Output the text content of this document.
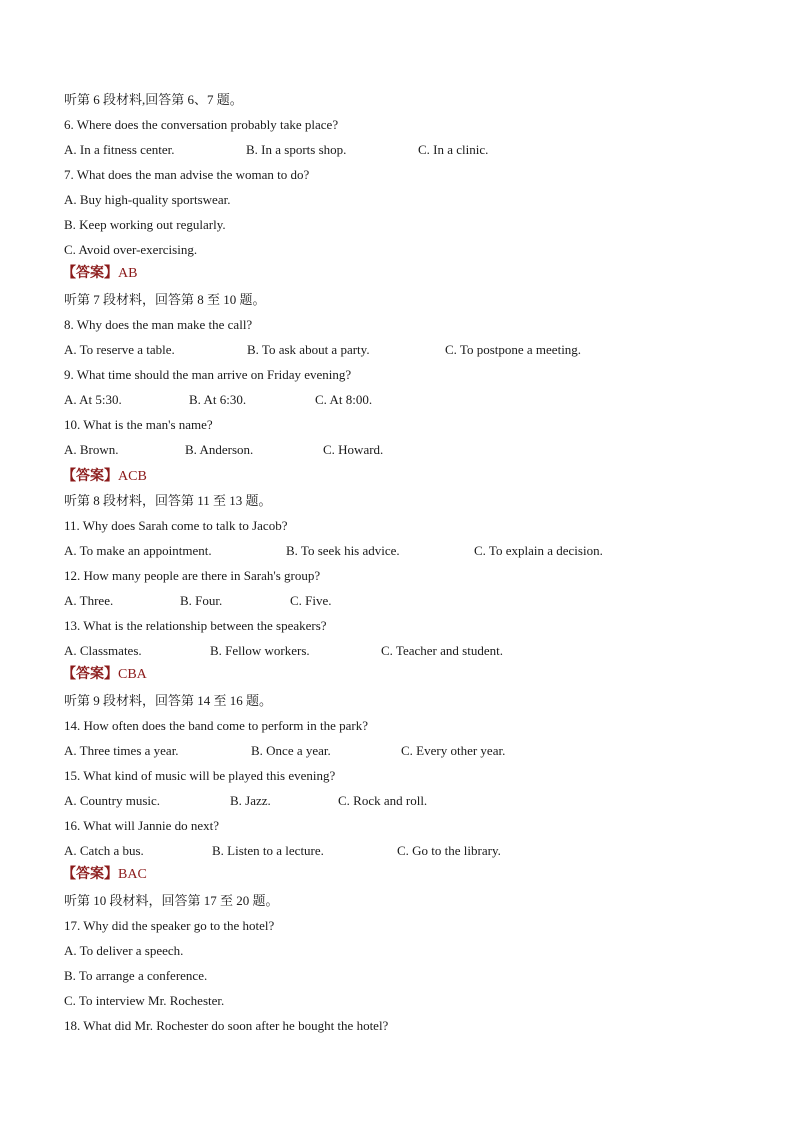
听第 6 段材料,回答第 6、7 题。
6. Where does the conversation probably take place?
A. In a fitness center.	B. In a sports shop.	C. In a clinic.
7. What does the man advise the woman to do?
A. Buy high-quality sportswear.
B. Keep working out regularly.
C. Avoid over-exercising.
【答案】AB
听第 7 段材料，回答第 8 至 10 题。
8. Why does the man make the call?
A. To reserve a table.	B. To ask about a party.	C. To postpone a meeting.
9. What time should the man arrive on Friday evening?
A. At 5:30.	B. At 6:30.	C. At 8:00.
10. What is the man's name?
A. Brown.	B. Anderson.	C. Howard.
【答案】ACB
听第 8 段材料，回答第 11 至 13 题。
11. Why does Sarah come to talk to Jacob?
A. To make an appointment.	B. To seek his advice.	C. To explain a decision.
12. How many people are there in Sarah's group?
A. Three.	B. Four.	C. Five.
13. What is the relationship between the speakers?
A. Classmates.	B. Fellow workers.	C. Teacher and student.
【答案】CBA
听第 9 段材料，回答第 14 至 16 题。
14. How often does the band come to perform in the park?
A. Three times a year.	B. Once a year.	C. Every other year.
15. What kind of music will be played this evening?
A. Country music.	B. Jazz.	C. Rock and roll.
16. What will Jannie do next?
A. Catch a bus.	B. Listen to a lecture.	C. Go to the library.
【答案】BAC
听第 10 段材料，回答第 17 至 20 题。
17. Why did the speaker go to the hotel?
A. To deliver a speech.
B. To arrange a conference.
C. To interview Mr. Rochester.
18. What did Mr. Rochester do soon after he bought the hotel?
